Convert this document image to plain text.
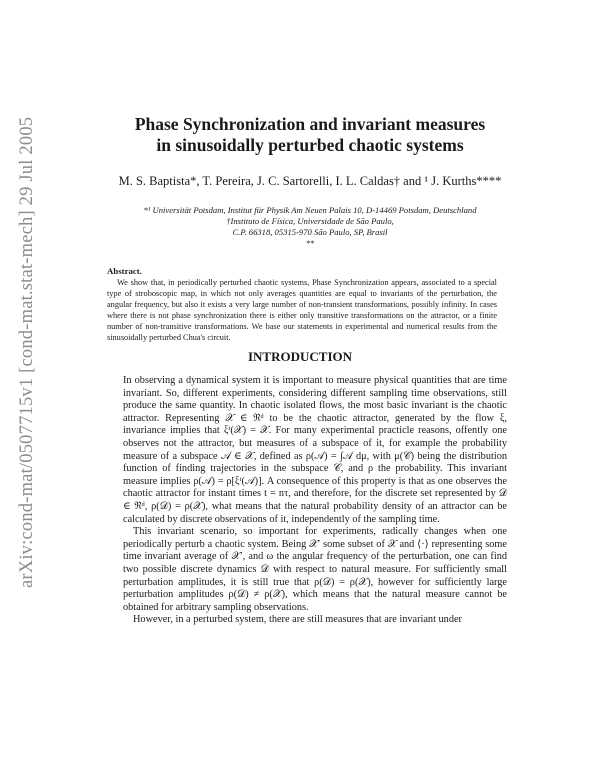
arXiv:cond-mat/0507715v1 [cond-mat.stat-mech] 29 Jul 2005	Phase Synchronization and invariant measures
in sinusoidally perturbed chaotic systems
M. S. Baptista*, T. Pereira, J. C. Sartorelli, I. L. Caldas† and ¹ J. Kurths****
*¹ Universität Potsdam, Institut für Physik Am Neuen Palais 10, D-14469 Potsdam, Deutschland
†Instituto de Física, Universidade de São Paulo,
C.P. 66318, 05315-970 São Paulo, SP, Brasil
**
Abstract.
We show that, in periodically perturbed chaotic systems, Phase Synchronization appears, associated to a special type of stroboscopic map, in which not only averages quantities are equal to invariants of the perturbation, the angular frequency, but also it exists a very large number of non-transient transformations, possibly infinity. In cases where there is not phase synchronization there is either only transitive transformations on the attractor, or a finite number of non-transitive transformations. We base our statements in experimental and numerical results from the sinusoidally perturbed Chua's circuit.
INTRODUCTION

In observing a dynamical system it is important to measure physical quantities that are time invariant. So, different experiments, considering different sampling time observations, still produce the same quantity. In chaotic isolated flows, the most basic invariant is the chaotic attractor. Representing 𝒳 ∈ ℜᵈ to be the chaotic attractor, generated by the flow ξ, invariance implies that ξᵗ(𝒳) = 𝒳. For many experimental practicle reasons, offently one observes not the attractor, but measures of a subspace of it, for example the probability measure of a subspace 𝒜 ∈ 𝒳, defined as ρ(𝒜) = ∫𝒜 dμ, with μ(𝒞) being the distribution function of finding trajectories in the subspace 𝒞, and ρ the probability. This invariant measure implies ρ(𝒜) = ρ[ξᵗ(𝒜)]. A consequence of this property is that as one observes the chaotic attractor for instant times t = nτ, and therefore, for the discrete set represented by 𝒟 ∈ ℜᵈ, ρ(𝒟) = ρ(𝒳), what means that the natural probability density of an attractor can be calculated by discrete observations of it, independently of the sampling time.

This invariant scenario, so important for experiments, radically changes when one periodically perturb a chaotic system. Being 𝒳′ some subset of 𝒳 and ⟨·⟩ representing some time invariant average of 𝒳′, and ω the angular frequency of the perturbation, one can find two possible discrete dynamics 𝒟 with respect to natural measure. For sufficiently small perturbation amplitudes, it is still true that ρ(𝒟) = ρ(𝒳), however for sufficiently large perturbation amplitudes ρ(𝒟) ≠ ρ(𝒳), which means that the natural measure cannot be obtained for arbitrary sampling observations.

However, in a perturbed system, there are still measures that are invariant under
